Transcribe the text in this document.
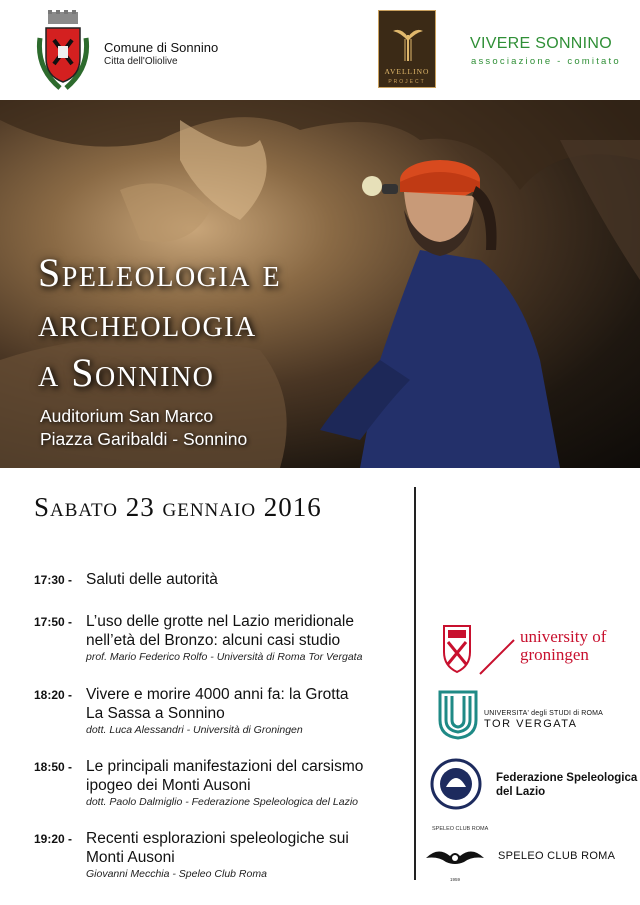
Comune di Sonnino
Citta dell'Oliolive
AVELLINO
PROJECT
VIVERE SONNINO
associazione - comitato
Speleologia e
archeologia
a Sonnino
Auditorium San Marco
Piazza Garibaldi - Sonnino
Sabato 23 gennaio 2016
17:30 - Saluti delle autorità
17:50 - L’uso delle grotte nel Lazio meridionale
nell’età del Bronzo: alcuni casi studio
prof. Mario Federico Rolfo - Università di Roma Tor Vergata
18:20 - Vivere e morire 4000 anni fa: la Grotta
La Sassa a Sonnino
dott. Luca Alessandri - Università di Groningen
18:50 - Le principali manifestazioni del carsismo
ipogeo dei Monti Ausoni
dott. Paolo Dalmiglio - Federazione Speleologica del Lazio
19:20 - Recenti esplorazioni speleologiche sui
Monti Ausoni
Giovanni Mecchia - Speleo Club Roma
university of
groningen
UNIVERSITA' degli STUDI di ROMA
TOR VERGATA
Federazione Speleologica
del Lazio
SPELEO CLUB ROMA
SPELEO CLUB ROMA
1959
